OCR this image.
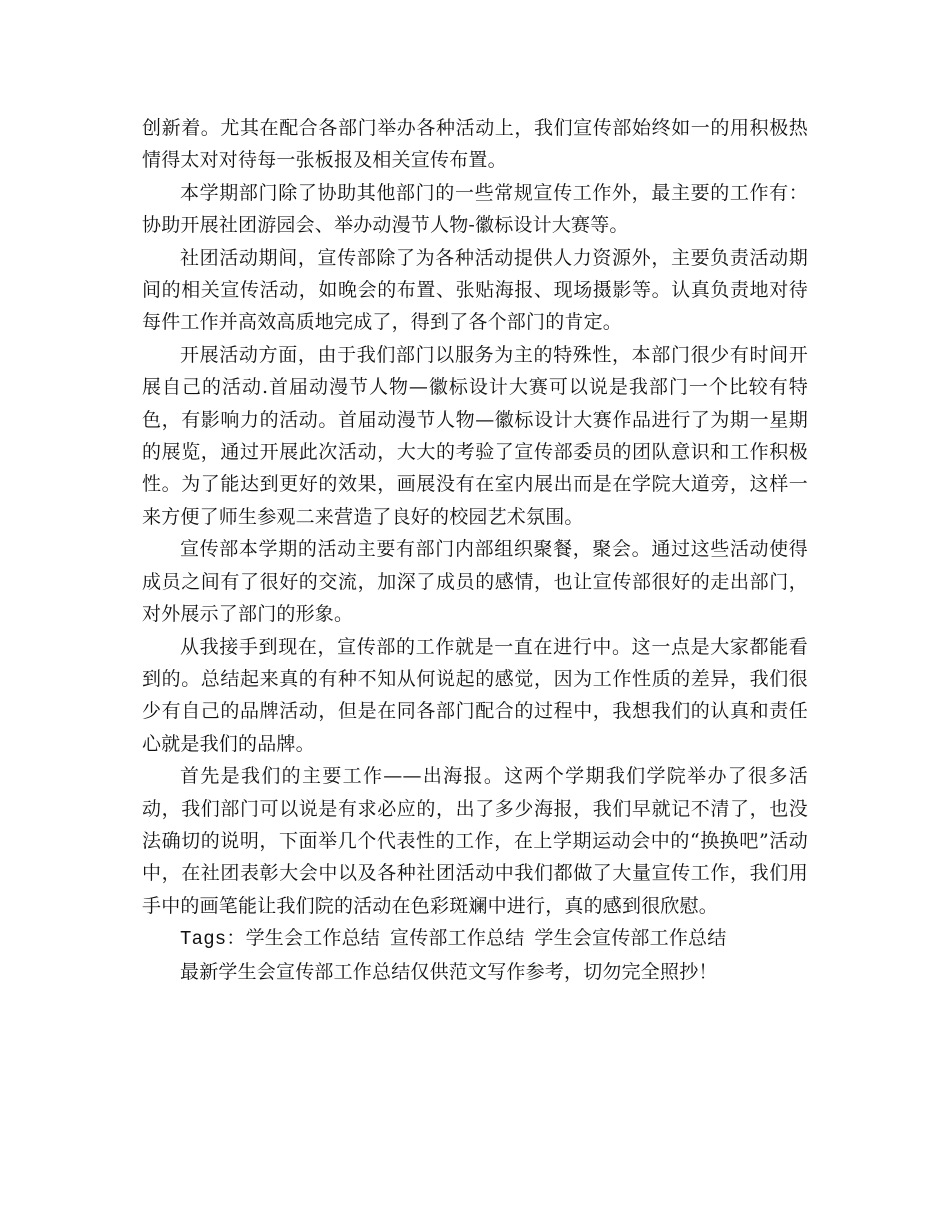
创新着。尤其在配合各部门举办各种活动上，我们宣传部始终如一的用积极热情得太对对待每一张板报及相关宣传布置。

本学期部门除了协助其他部门的一些常规宣传工作外，最主要的工作有：协助开展社团游园会、举办动漫节人物-徽标设计大赛等。

社团活动期间，宣传部除了为各种活动提供人力资源外，主要负责活动期间的相关宣传活动，如晚会的布置、张贴海报、现场摄影等。认真负责地对待每件工作并高效高质地完成了，得到了各个部门的肯定。

开展活动方面，由于我们部门以服务为主的特殊性，本部门很少有时间开展自己的活动.首届动漫节人物—徽标设计大赛可以说是我部门一个比较有特色，有影响力的活动。首届动漫节人物—徽标设计大赛作品进行了为期一星期的展览，通过开展此次活动，大大的考验了宣传部委员的团队意识和工作积极性。为了能达到更好的效果，画展没有在室内展出而是在学院大道旁，这样一来方便了师生参观二来营造了良好的校园艺术氛围。

宣传部本学期的活动主要有部门内部组织聚餐，聚会。通过这些活动使得成员之间有了很好的交流，加深了成员的感情，也让宣传部很好的走出部门，对外展示了部门的形象。

从我接手到现在，宣传部的工作就是一直在进行中。这一点是大家都能看到的。总结起来真的有种不知从何说起的感觉，因为工作性质的差异，我们很少有自己的品牌活动，但是在同各部门配合的过程中，我想我们的认真和责任心就是我们的品牌。

首先是我们的主要工作——出海报。这两个学期我们学院举办了很多活动，我们部门可以说是有求必应的，出了多少海报，我们早就记不清了，也没法确切的说明，下面举几个代表性的工作，在上学期运动会中的“换换吧”活动中，在社团表彰大会中以及各种社团活动中我们都做了大量宣传工作，我们用手中的画笔能让我们院的活动在色彩斑斓中进行，真的感到很欣慰。

Tags：学生会工作总结 宣传部工作总结 学生会宣传部工作总结

最新学生会宣传部工作总结仅供范文写作参考，切勿完全照抄！
